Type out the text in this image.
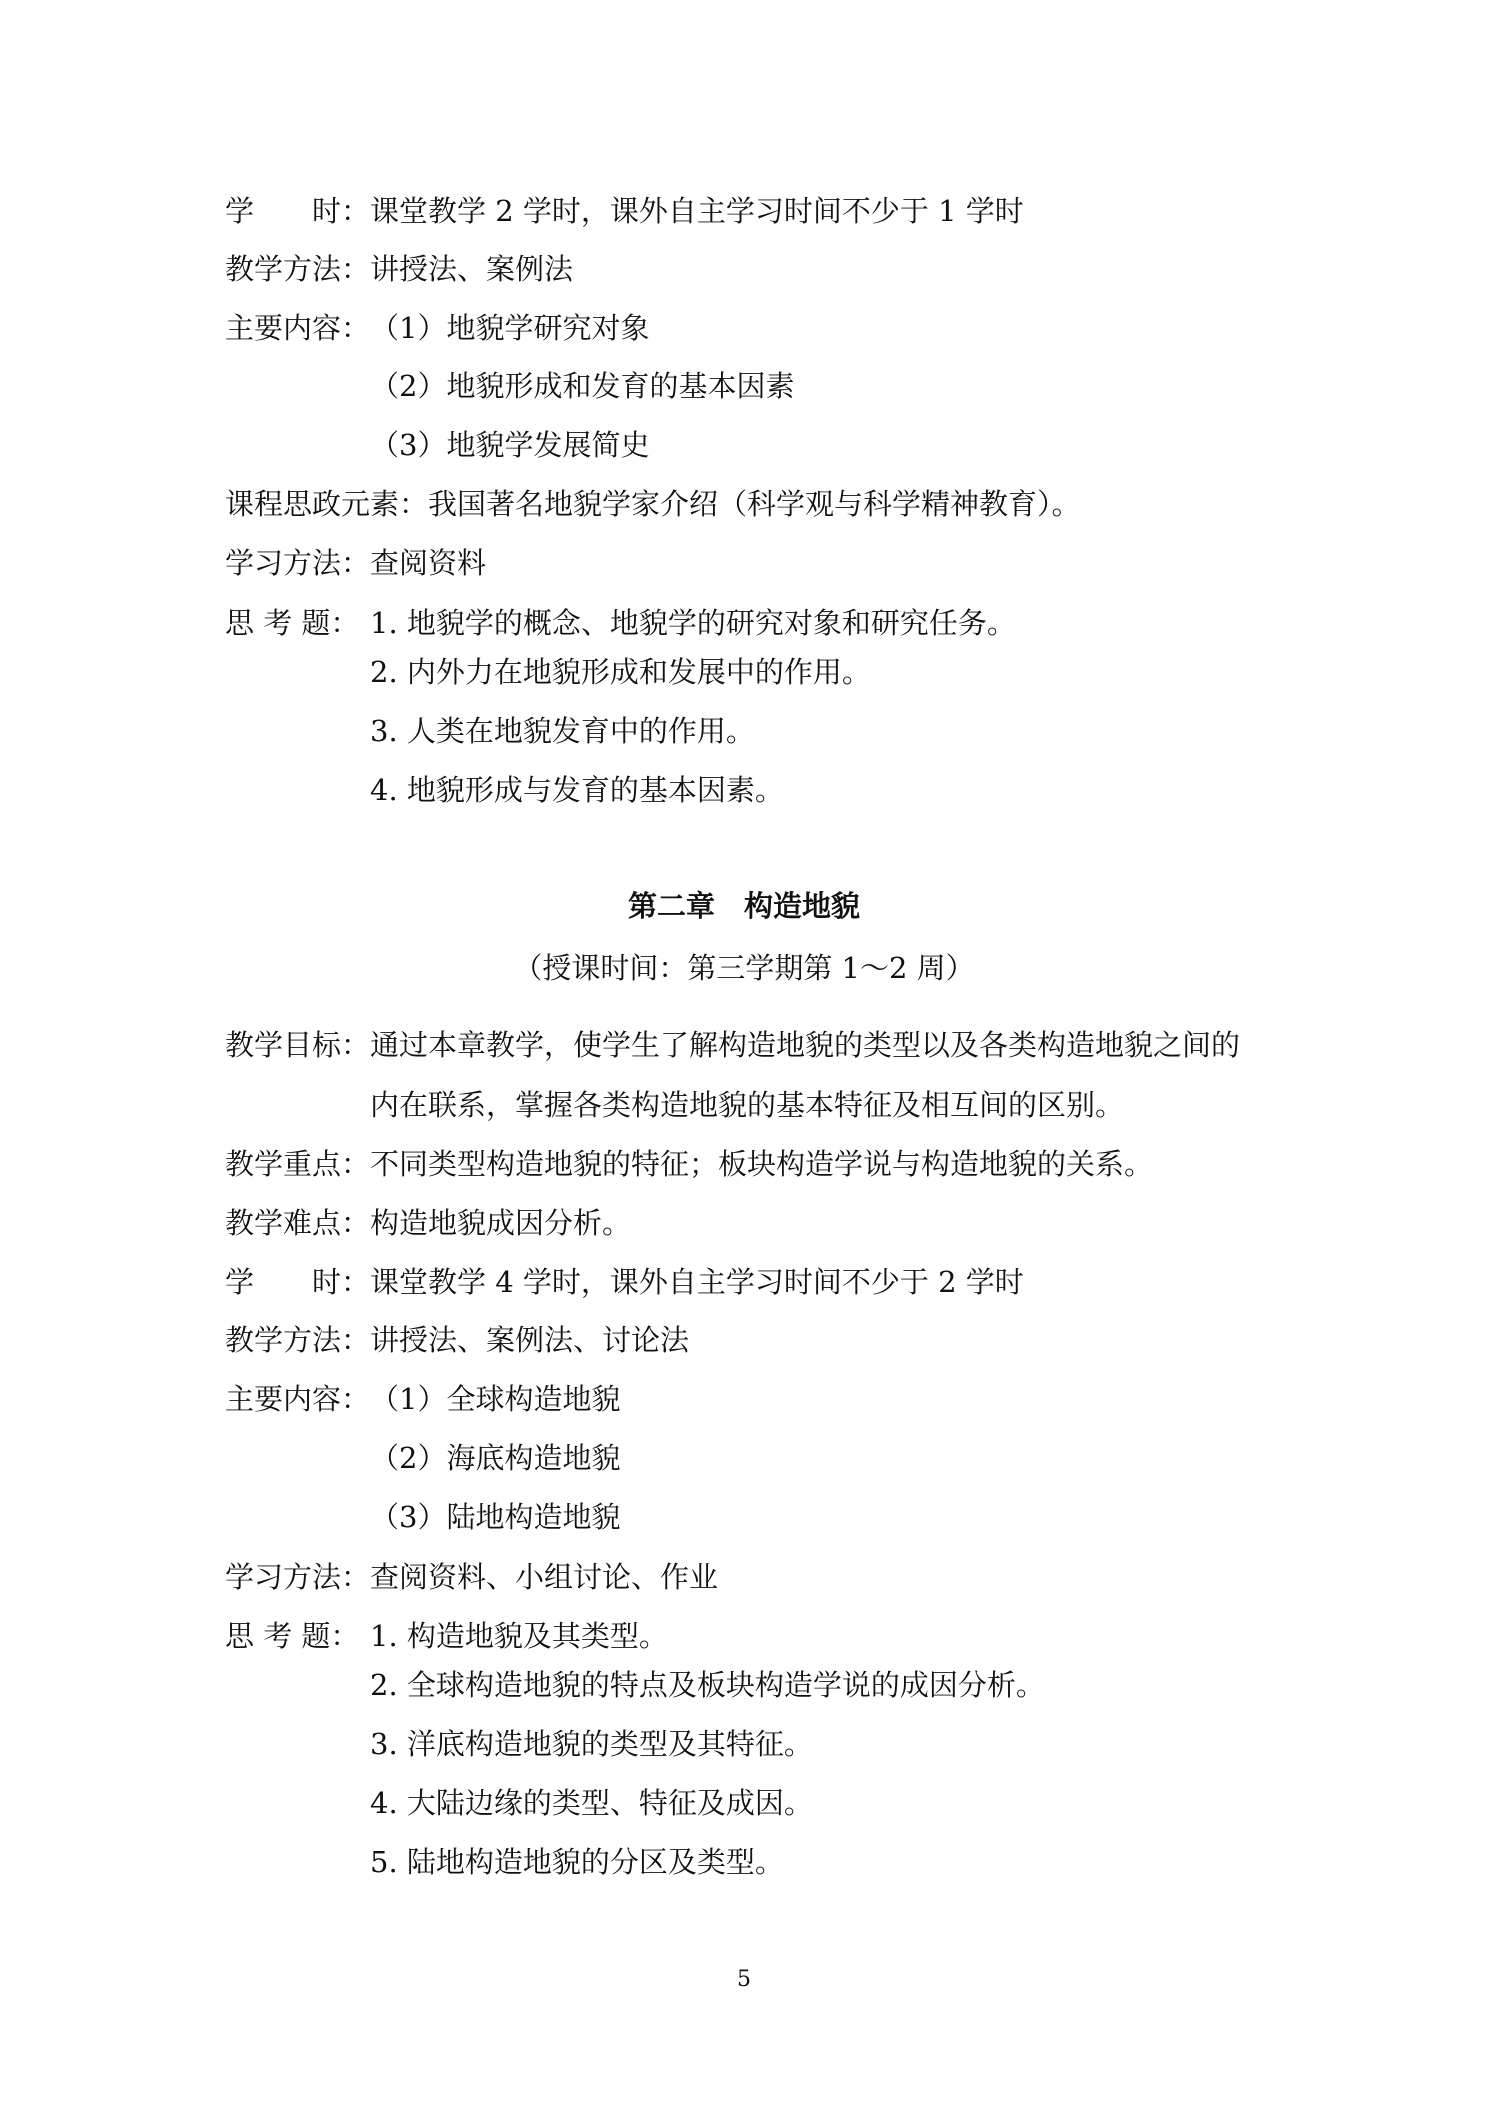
学　　时：课堂教学 2 学时，课外自主学习时间不少于 1 学时
教学方法：讲授法、案例法
主要内容： （1）地貌学研究对象
（2）地貌形成和发育的基本因素
（3）地貌学发展简史
课程思政元素：我国著名地貌学家介绍（科学观与科学精神教育）。
学习方法：查阅资料
思 考 题： 1. 地貌学的概念、地貌学的研究对象和研究任务。
2. 内外力在地貌形成和发展中的作用。
3. 人类在地貌发育中的作用。
4. 地貌形成与发育的基本因素。
第二章　构造地貌
（授课时间：第三学期第 1～2 周）
教学目标：通过本章教学，使学生了解构造地貌的类型以及各类构造地貌之间的
内在联系，掌握各类构造地貌的基本特征及相互间的区别。
教学重点：不同类型构造地貌的特征；板块构造学说与构造地貌的关系。
教学难点：构造地貌成因分析。
学　　时：课堂教学 4 学时，课外自主学习时间不少于 2 学时
教学方法：讲授法、案例法、讨论法
主要内容： （1）全球构造地貌
（2）海底构造地貌
（3）陆地构造地貌
学习方法：查阅资料、小组讨论、作业
思 考 题： 1. 构造地貌及其类型。
2. 全球构造地貌的特点及板块构造学说的成因分析。
3. 洋底构造地貌的类型及其特征。
4. 大陆边缘的类型、特征及成因。
5. 陆地构造地貌的分区及类型。
5
